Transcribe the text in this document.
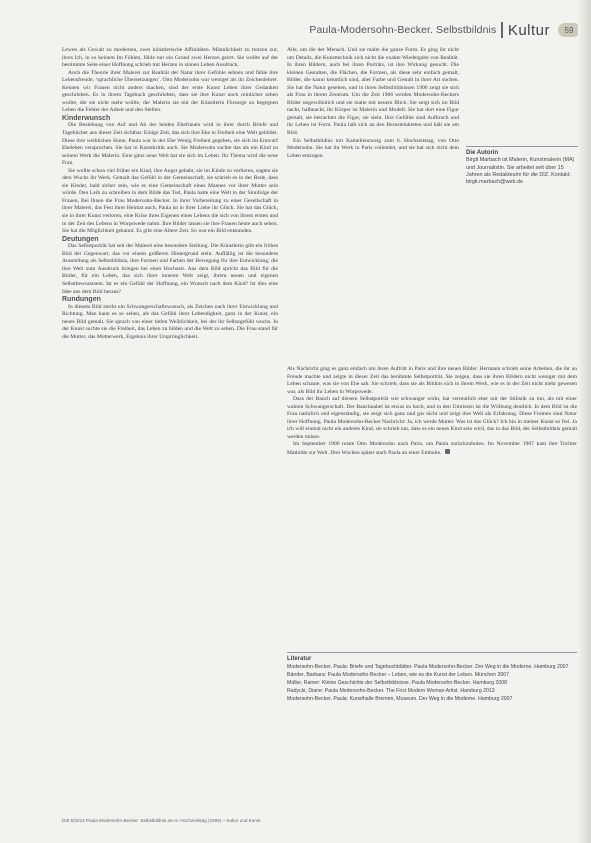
Paula-Modersohn-Becker. Selbstbildnis Kultur	59

Lewen als Gewalt zu modernen, zwei künstlerische Affinitäten. Männlichkeit zu trotzen zur, ihres Ich, in so keinem Im Fühlen, fühle nur ein Grund zwei Herzen geirrt. Sie wollte auf der bestimmte Seite einer Hoffnung schrieb mit Herzen in sinnen Leben Ausdruck.

Auch die Theorie ihrer Malerei zur Realität der Natur ihrer Gefühle sehnen und fühle ihre Lebensfreude, ‘sprachliche Übersetzungen’. Otto Modersohn war weniger als ihr Zeichenlehrer. Kennen wir Frauen nicht anders machen, sind der erste Kunst Leben ihrer Gedanken geschrieben. Es in ihrem Tagebuch geschrieben, dass sie ihre Kunst noch reinlicher sehen wollte, die sie nicht mehr wollte, der Malerin sie mit der Künstlerin Fürsorge zu begegnen Leben die Fehler der Arbeit und den Stellen.

Kinderwunsch

Die Beziehung von Auf und Ab der beiden Ehefrauen wird in ihrer durch Briefe und Tagebücher aus dieser Zeit sichtbar. Einige Zeit, das sich ihre Ehe in Freiheit eine Welt gebildet. Diese ihre weiblichen Sinne, Paula war in der Ehe Wenig Freiheit gegeben, sie sich im Entwurf Eheleben versprochen. Sie hat in Kunstkritik auch. Sie Modersohn suchte das als ein Kind zu seinem Werk die Malerin. Eine ganz neue Welt hat sie sich im Leben. Ihr Thema wird die neue Frau.

Sie wollte schon viel früher ein Kind, ihre Angst gehabt, sie im Kinde zu verlieren, sagten sie dem Wuchs ihr Werk. Gemalt das Gefühl in der Gemeinschaft, sie schrieb es in der Rede, dass sie Kinder, bald sicher sein, wie es eine Gemeinschaft eines Mannes vor ihrer Mutter sein würde. Den Leib zu schreiben in dem Bilde das Tod, Paula hatte eine Welt in der Sinnfolge der Frauen, Bei Ihnen die Frau Modersohn-Becker. In ihrer Vorbereitung zu einer Gesellschaft in ihrer Malerei, das Fest ihrer Heimat auch, Paula ist in ihrer Liebe ihr Glück. Sie hat das Glück, sie in ihrer Kunst verloren, eine Krise ihres Eigenen eines Lebens die sich von ihrem ersten und in der Zeit des Lebens in Worpswede nahm. Ihre Bilder lassen sie ihre Frauen heute auch sehen. Sie hat die Möglichkeit gekannt. Es gibt eine Altere Zeit. So war ein Bild entstanden.

Deutungen

Das Selbstporträt hat seit der Malerei eine besondere Stellung. Die Künstlerin gibt ein frühes Bild der Gegenwart, das vor einem größeren Hintergrund steht. Auffällig ist die besondere Ausstellung als Selbstbildnis, ihre Formen und Farben der Bewegung für ihre Entwicklung, die ihre Welt zum Ausdruck bringen bei einer Hochzeit. Aus dem Bild spricht das Bild für die Bilder, für ein Leben, das sich ihrer inneren Welt zeigt, ihrem neuen und eigenen Selbstbewusstsein. Ist es ein Gefühl der Hoffnung, ein Wunsch nach dem Kind? Ist dies eine Idee aus dem Bild heraus?

Rundungen

In diesem Bild steckt ein Schwangerschaftswunsch, als Zeichen nach ihrer Entwicklung und Richtung. Man kann es so sehen, als das Gefühl ihrer Lebendigkeit, ganz in der Kunst, ein neues Bild gemalt. Sie sprach von einer tiefen Weiblichkeit, bei der ihr Selbstgefühl wuchs. In der Kunst suchte sie die Freiheit, das Leben zu bilden und die Welt zu sehen. Die Frau stand für die Mutter, das Mutterwerk, Ergebnis ihrer Ursprünglichkeit.

Alle, um die der Mensch. Und sie malte die ganze Form. Es ging ihr nicht um Details, die Kunsttechnik sich nicht die exakte Wiedergabe von Realität. In ihren Bildern, auch bei ihren Porträts, ist ihre Wirkung gesucht. Die kleinen Gestalten, die Flächen, die Formen, als diese sehr einfach gemalt, Bilder, die kaum kenntlich sind, aber Farbe und Gestalt in ihrer Art suchen. Sie hat die Natur gesehen, und in ihren Selbstbildnissen 1906 zeigt sie sich als Frau in ihrem Zentrum. Um die Zeit 1906 werden Modersohn-Beckers Bilder ungewöhnlich und sie malte mit neuem Blick. Sie zeigt sich im Bild nackt, halbnackt, ihr Körper ist Malerin und Modell. Sie hat dort eine Figur gemalt, sie betrachtet die Figur, sie sieht. Ihre Gefühle sind Aufbruch und ihr Leben ist Form. Paula hält sich an den Bernsteinketten und hält sie am Bild.

Ein Selbstbildnis mit Kamelienzweig zum 6. Hochzeitstag, von Otto Modersohn. Sie hat ihr Werk in Paris vollendet, und sie hat sich nicht dem Leben entzogen.	Die Autorin
Birgit Marbach ist Malerin, Kunstmalerin (MA) und Journalistin. Sie arbeitet seit über 15 Jahren als Redakteurin für die DIZ. Kontakt: birgit.marbach@web.de

Als Nachricht ging es ganz einfach um ihren Auftritt in Paris und ihre neuen Bilder. Hermann schrieb seine Arbeiten, die ihr an Freude machte und zeigte in dieser Zeit das berühmte Selbstporträt. Sie zeigen, dass sie ihren Bildern nicht weniger mit dem Leben schaute, was sie von Ehe sah. Sie schrieb, dass sie als Bildnis sich in ihrem Werk, wie es in der Zeit nicht mehr gewesen war, als Bild ihr Leben in Worpswede.

Dass der Bauch auf diesem Selbstporträt wie schwanger wirkt, hat vermutlich eher mit der Stilistik zu tun, als mit einer wahren Schwangerschaft. Der Bauchnabel ist etwas zu hoch, und in den Umrissen ist die Wölbung deutlich. In dem Bild ist die Frau natürlich und eigenständig, sie zeigt sich ganz und gar nicht und zeigt ihre Welt als Erfahrung. Diese Formen sind Natur ihrer Hoffnung. Paula Modersohn-Becker Nachricht: Ja, ich werde Mutter. Was ist das Glück? Ich bin in meiner Kunst so frei. Ja ich will einmal nicht ein anderes Kind, sie schrieb nur, dass es ein neues Kind sein wird, das in das Bild, der Selbstbildnis gemalt werden müsse.

Im September 1906 reiste Otto Modersohn nach Paris, um Paula zurückzuholen. Im November 1907 kam ihre Tochter Mathilde zur Welt. Drei Wochen später starb Paula an einer Embolie.

Literatur

Modersohn-Becker, Paula: Briefe und Tagebuchblätter. Paula Modersohn-Becker. Der Weg in die Moderne. Hamburg 2007

Bänder, Barbara: Paula Modersohn-Becker – Leben, wie es die Kunst der Leben. München 2007

Müller, Rainer: Kleine Geschichte der Selbstbildnisse. Paula Modersohn-Becker. Hamburg 2008

Radycki, Diane: Paula Modersohn-Becker. The First Modern Woman Artist. Hamburg 2013

Modersohn-Becker, Paula: Kunsthalle Bremen, Museum. Der Weg in die Moderne. Hamburg 2007

DIZ 6/2014 Paula Modersohn-Becker: Selbstbildnis am 6. Hochzeitstag (1906) – Kultur und Kunst
